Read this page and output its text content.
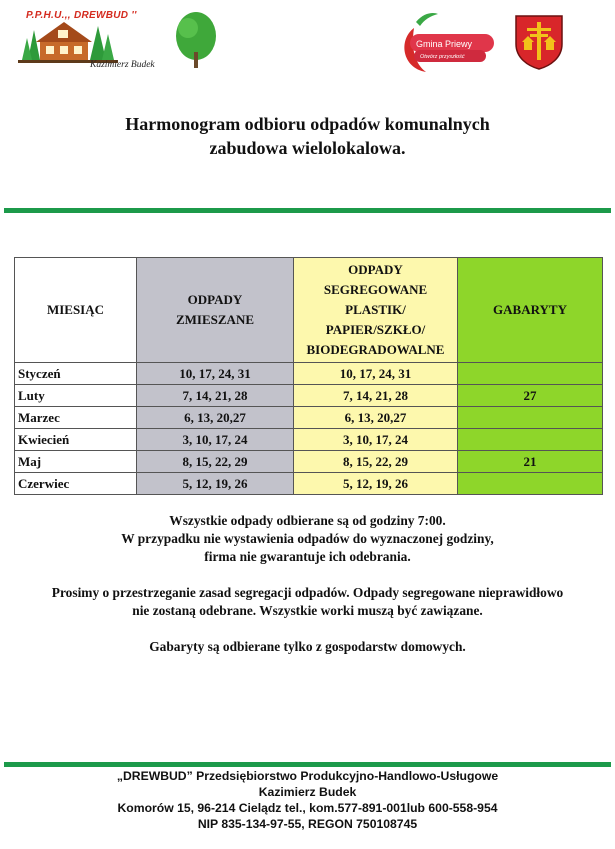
P.P.H.U.,, DREWBUD ''
Kazimierz Budek
Gmina Priewy
Otwórz przyszłość
Harmonogram odbioru odpadów komunalnych
zabudowa wielolokalowa.
MIESIĄC	ODPADY ZMIESZANE	ODPADY SEGREGOWANE PLASTIK/ PAPIER/SZKŁO/ BIODEGRADOWALNE	GABARYTY
Styczeń	10, 17, 24, 31	10, 17, 24, 31	
Luty	7, 14, 21, 28	7, 14, 21, 28	27
Marzec	6, 13, 20,27	6, 13, 20,27	
Kwiecień	3, 10, 17, 24	3, 10, 17, 24	
Maj	8, 15, 22, 29	8, 15, 22, 29	21
Czerwiec	5, 12, 19, 26	5, 12, 19, 26	

Wszystkie odpady odbierane są od godziny 7:00.

W przypadku nie wystawienia odpadów do wyznaczonej godziny,

firma nie gwarantuje ich odebrania.

Prosimy o przestrzeganie zasad segregacji odpadów. Odpady segregowane nieprawidłowo

nie zostaną odebrane. Wszystkie worki muszą być zawiązane.

Gabaryty są odbierane tylko z gospodarstw domowych.

„DREWBUD” Przedsiębiorstwo Produkcyjno-Handlowo-Usługowe

Kazimierz Budek

Komorów 15, 96-214 Cielądz tel., kom.577-891-001lub 600-558-954

NIP 835-134-97-55, REGON 750108745
